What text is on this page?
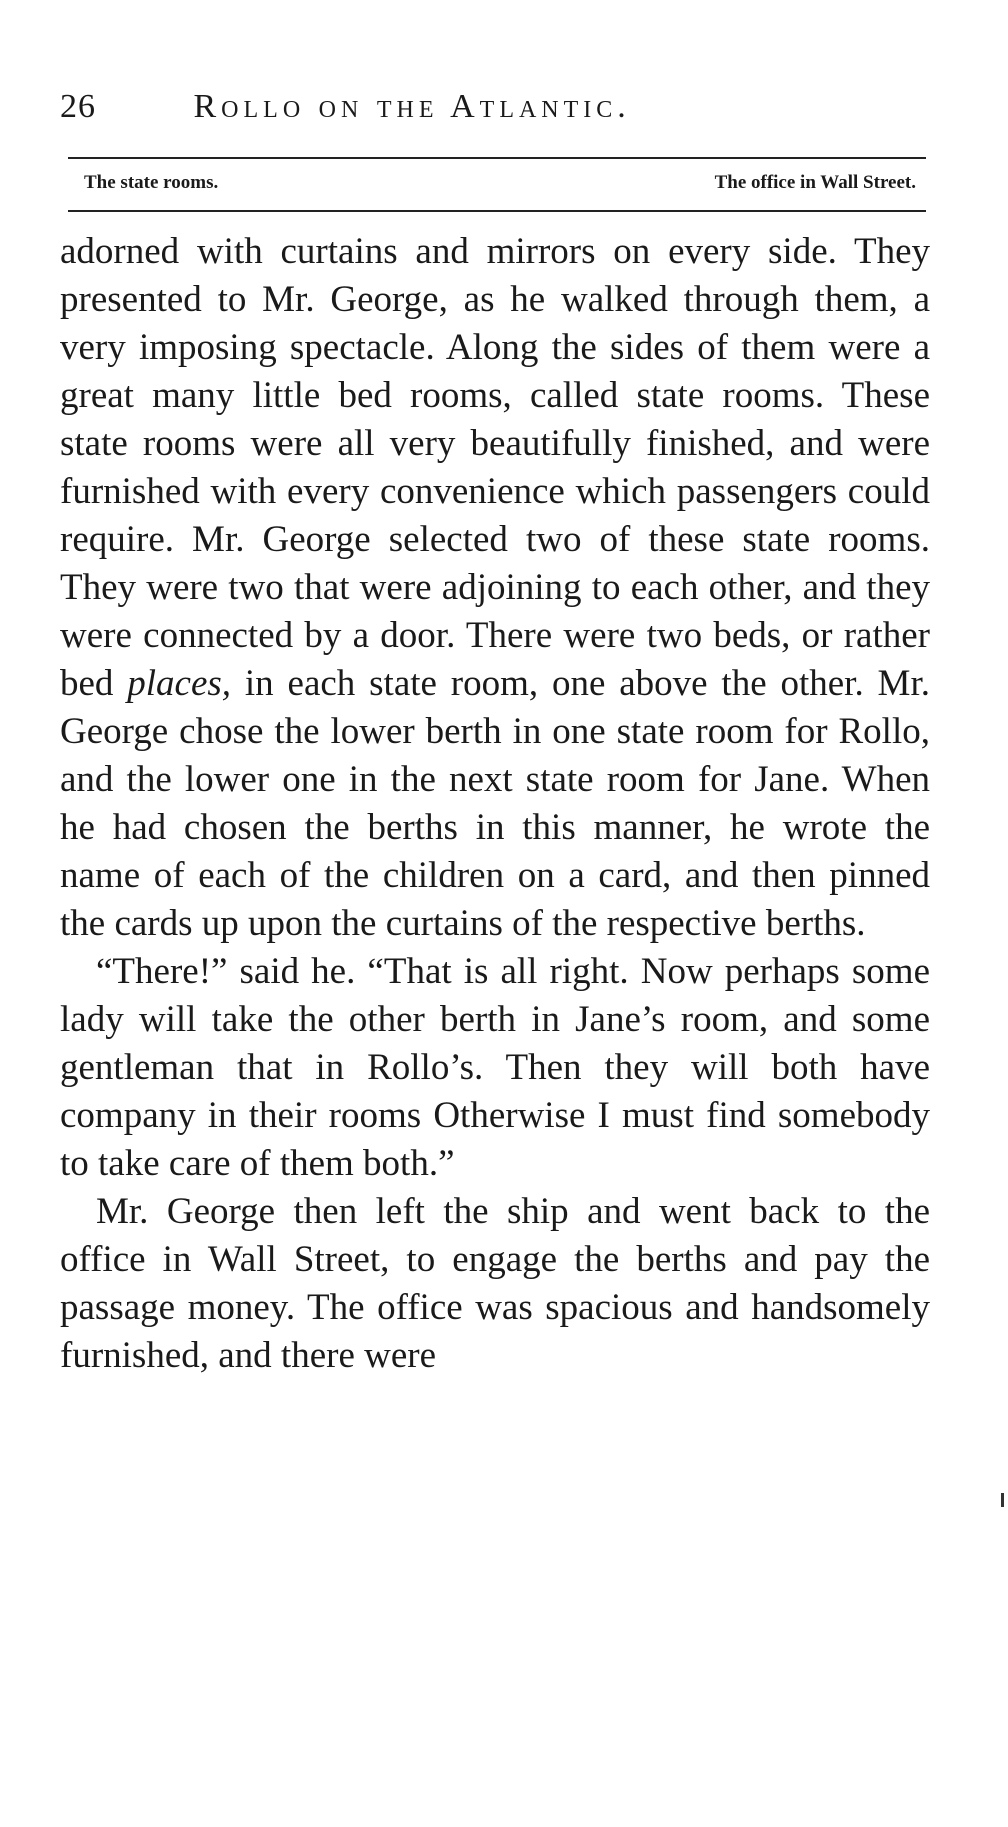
26	Rollo on the Atlantic.
The state rooms.	The office in Wall Street.

adorned with curtains and mirrors on every side. They presented to Mr. George, as he walked through them, a very imposing spectacle. Along the sides of them were a great many little bed rooms, called state rooms. These state rooms were all very beautifully finished, and were furnished with every convenience which passengers could require. Mr. George selected two of these state rooms. They were two that were adjoining to each other, and they were connected by a door. There were two beds, or rather bed places, in each state room, one above the other. Mr. George chose the lower berth in one state room for Rollo, and the lower one in the next state room for Jane. When he had chosen the berths in this manner, he wrote the name of each of the children on a card, and then pinned the cards up upon the curtains of the respective berths.

“There!” said he. “That is all right. Now perhaps some lady will take the other berth in Jane’s room, and some gentleman that in Rollo’s. Then they will both have company in their rooms Otherwise I must find somebody to take care of them both.”

Mr. George then left the ship and went back to the office in Wall Street, to engage the berths and pay the passage money. The office was spacious and handsomely furnished, and there were
